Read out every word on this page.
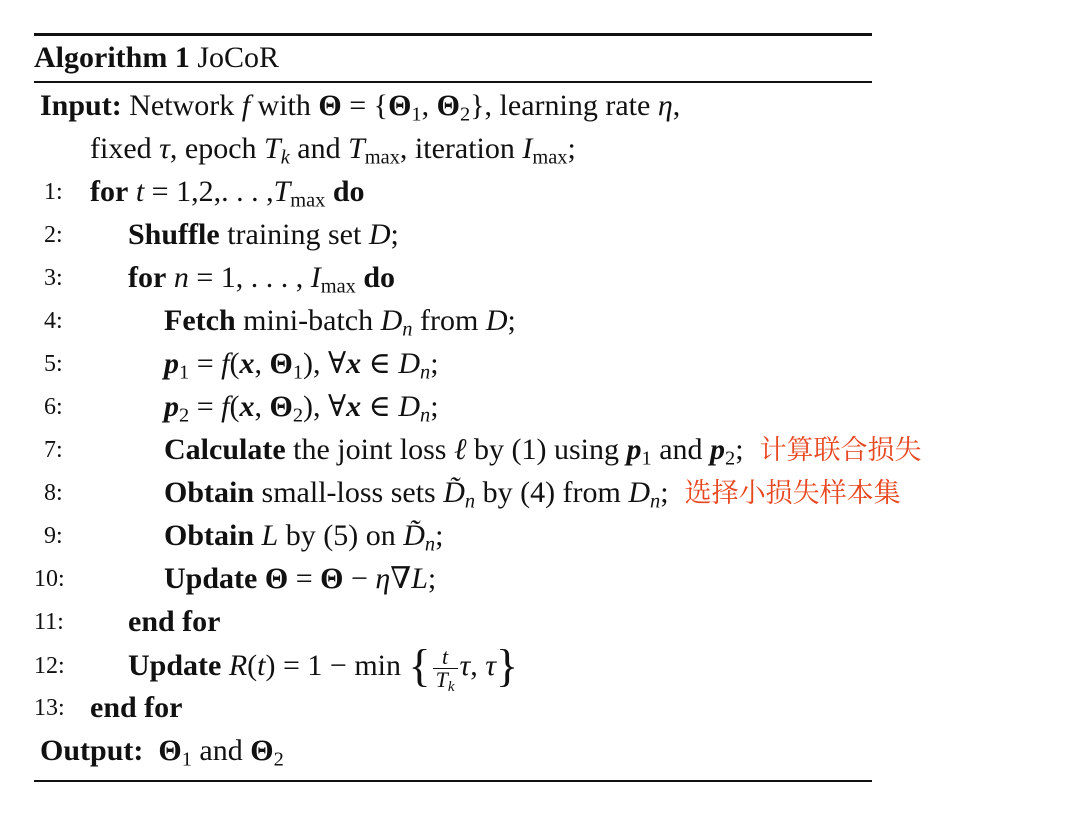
Algorithm 1 JoCoR
Input: Network f with $\Theta = \{\Theta_1$, $\Theta_2$}, learning rate η,
fixed τ, epoch $T_k$ and $T_{max}$, iteration $I_{max}$;
1: for t = 1,2,. . . $,T_{max}$ do
2:	Shuffle training set D;
3:	for n = 1, . . . , $I_{max}$ do
4:	Fetch mini-batch $D_n$ from D;
5:	$p_1 = f(x$, $\Theta_1$), ∀x ∈ $D_n$;
6:	$p_2 = f(x$, $\Theta_2$), ∀x ∈ $D_n$;
7:	Calculate the joint loss ℓ by (1) using $p_1$ and $p_2$; 计算联合损失
8:	Obtain small-loss sets $D̃_n$ by (4) from $D_n$; 选择小损失样本集
9:	Obtain L by (5) on $D̃_n$;
10:	Update Θ = Θ − η∇L;
11:	end for
12:	Update R(t) = 1 − min { $\frac{t}{T_k} \tau$, τ}
13: end for
Output: $\Theta_1$ and $\Theta_2$
